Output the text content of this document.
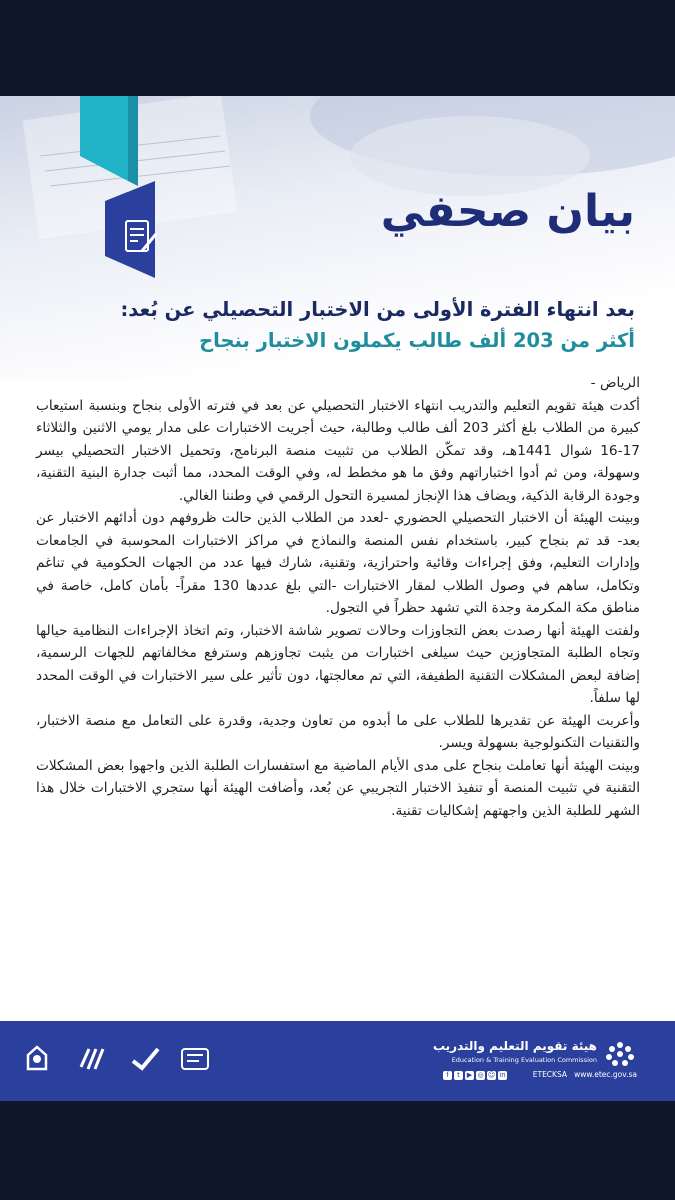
بيان صحفي
بعد انتهاء الفترة الأولى من الاختبار التحصيلي عن بُعد:
أكثر من 203 ألف طالب يكملون الاختبار بنجاح

الرياض -

أكدت هيئة تقويم التعليم والتدريب انتهاء الاختبار التحصيلي عن بعد في فترته الأولى بنجاح وبنسبة استيعاب كبيرة من الطلاب بلغ أكثر 203 ألف طالب وطالبة، حيث أجريت الاختبارات على مدار يومي الاثنين والثلاثاء 17-16 شوال 1441هـ، وقد تمكّن الطلاب من تثبيت منصة البرنامج، وتحميل الاختبار التحصيلي بيسر وسهولة، ومن ثم أدوا اختباراتهم وفق ما هو مخطط له، وفي الوقت المحدد، مما أثبت جدارة البنية التقنية، وجودة الرقابة الذكية، ويضاف هذا الإنجاز لمسيرة التحول الرقمي في وطننا الغالي.

وبينت الهيئة أن الاختبار التحصيلي الحضوري -لعدد من الطلاب الذين حالت ظروفهم دون أدائهم الاختبار عن بعد- قد تم بنجاح كبير، باستخدام نفس المنصة والنماذج في مراكز الاختبارات المحوسبة في الجامعات وإدارات التعليم، وفق إجراءات وقائية واحترازية، وتقنية، شارك فيها عدد من الجهات الحكومية في تناغم وتكامل، ساهم في وصول الطلاب لمقار الاختبارات -التي بلغ عددها 130 مقراً- بأمان كامل، خاصة في مناطق مكة المكرمة وجدة التي تشهد حظراً في التجول.

ولفتت الهيئة أنها رصدت بعض التجاوزات وحالات تصوير شاشة الاختبار، وتم اتخاذ الإجراءات النظامية حيالها وتجاه الطلبة المتجاوزين حيث سيلغى اختبارات من يثبت تجاوزهم وسترفع مخالفاتهم للجهات الرسمية، إضافة لبعض المشكلات التقنية الطفيفة، التي تم معالجتها، دون تأثير على سير الاختبارات في الوقت المحدد لها سلفاً.

وأعربت الهيئة عن تقديرها للطلاب على ما أبدوه من تعاون وجدية، وقدرة على التعامل مع منصة الاختبار، والتقنيات التكنولوجية بسهولة ويسر.

وبينت الهيئة أنها تعاملت بنجاح على مدى الأيام الماضية مع استفسارات الطلبة الذين واجهوا بعض المشكلات التقنية في تثبيت المنصة أو تنفيذ الاختبار التجريبي عن بُعد، وأضافت الهيئة أنها ستجري الاختبارات خلال هذا الشهر للطلبة الذين واجهتهم إشكاليات تقنية.

هيئة تقويم التعليم والتدريب
Education & Training Evaluation Commission
f	t ▶ ◎ ☺ in	ETECKSA www.etec.gov.sa
